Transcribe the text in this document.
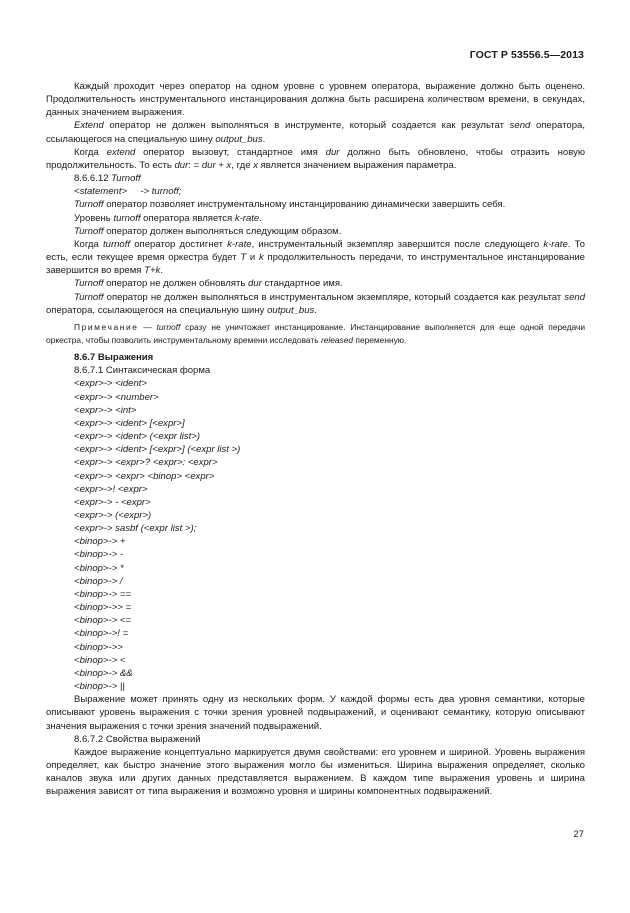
ГОСТ Р 53556.5—2013

Каждый проходит через оператор на одном уровне с уровнем оператора, выражение должно быть оценено. Продолжительность инструментального инстанцирования должна быть расширена количеством времени, в секундах, данных значением выражения.

Extend оператор не должен выполняться в инструменте, который создается как результат send оператора, ссылающегося на специальную шину output_bus.

Когда extend оператор вызовут, стандартное имя dur должно быть обновлено, чтобы отразить новую продолжительность. То есть dur: = dur + x, где x является значением выражения параметра.

8.6.6.12 Turnoff

<statement>     -> turnoff;

Turnoff оператор позволяет инструментальному инстанцированию динамически завершить себя.

Уровень turnoff оператора является k-rate.

Turnoff оператор должен выполняться следующим образом.

Когда turnoff оператор достигнет k-rate, инструментальный экземпляр завершится после следующего k-rate. То есть, если текущее время оркестра будет T и k продолжительность передачи, то инструментальное инстанцирование завершится во время T+k.

Turnoff оператор не должен обновлять dur стандартное имя.

Turnoff оператор не должен выполняться в инструментальном экземпляре, который создается как результат send оператора, ссылающегося на специальную шину output_bus.

Примечание — turnoff сразу не уничтожает инстанцирование. Инстанцирование выполняется для еще одной передачи оркестра, чтобы позволить инструментальному времени исследовать released переменную.

8.6.7 Выражения

8.6.7.1 Синтаксическая форма

<expr>-> <ident>

<expr>-> <number>

<expr>-> <int>

<expr>-> <ident> [<expr>]

<expr>-> <ident> (<expr list>)

<expr>-> <ident> [<expr>] (<expr list >)

<expr>-> <expr>? <expr>: <expr>

<expr>-> <expr> <binop> <expr>

<expr>->! <expr>

<expr>-> - <expr>

<expr>-> (<expr>)

<expr>-> sasbf (<expr list >);

<binop>-> +

<binop>-> -

<binop>-> *

<binop>-> /

<binop>-> ==

<binop>->> =

<binop>-> <=

<binop>->! =

<binop>->>

<binop>-> <

<binop>-> &&

<binop>-> ||

Выражение может принять одну из нескольких форм. У каждой формы есть два уровня семантики, которые описывают уровень выражения с точки зрения уровней подвыражений, и оценивают семантику, которую описывают значения выражения с точки зрения значений подвыражений.

8.6.7.2 Свойства выражений

Каждое выражение концептуально маркируется двумя свойствами: его уровнем и шириной. Уровень выражения определяет, как быстро значение этого выражения могло бы измениться. Ширина выражения определяет, сколько каналов звука или других данных представляется выражением. В каждом типе выражения уровень и ширина выражения зависят от типа выражения и возможно уровня и ширины компонентных подвыражений.

27
